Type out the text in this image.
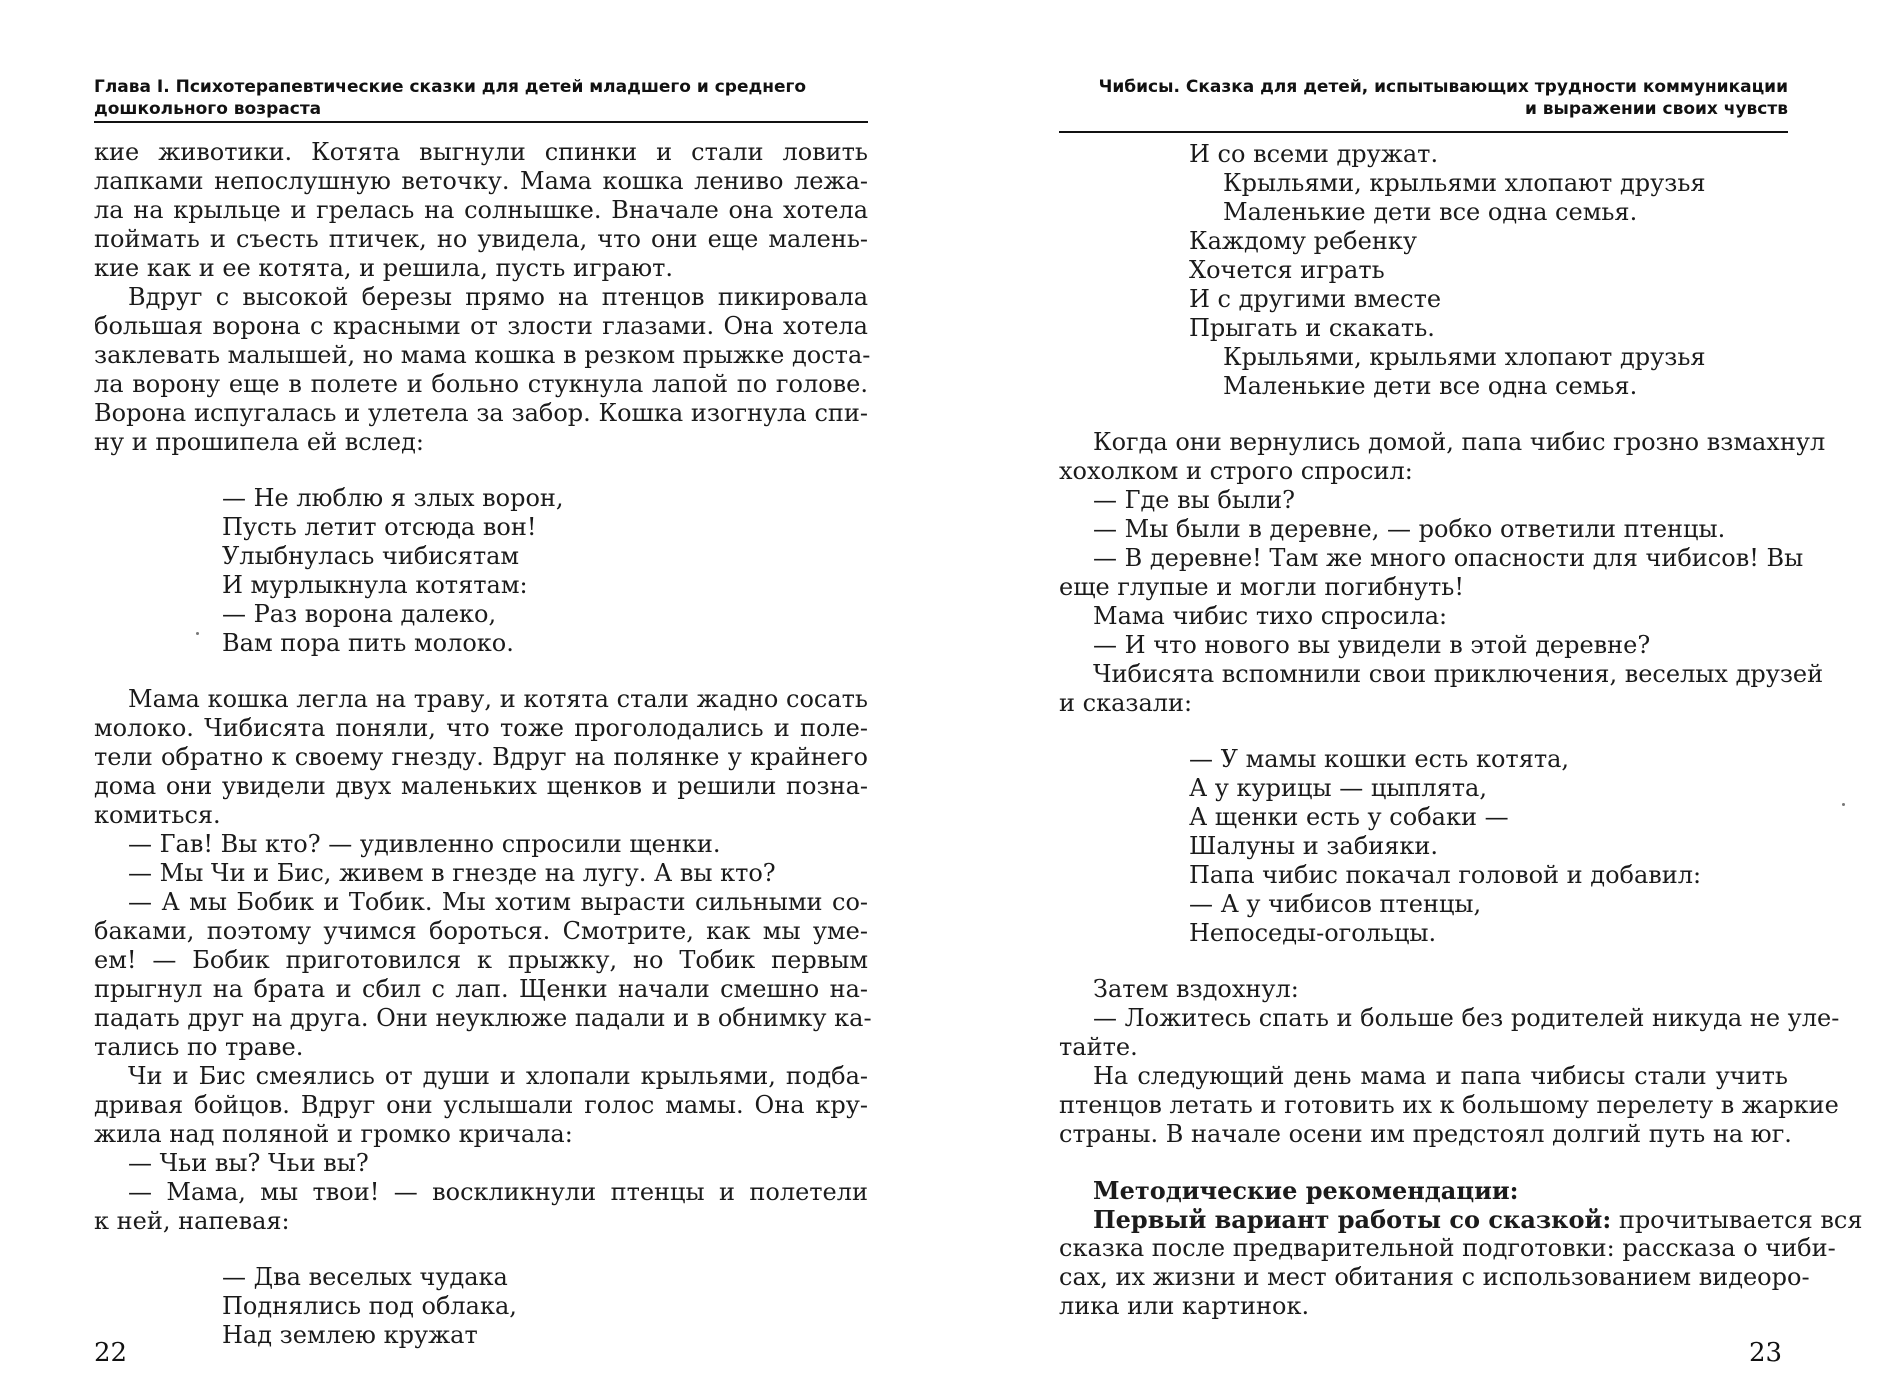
Глава I. Психотерапевтические сказки для детей младшего и среднего
дошкольного возраста
кие животики. Котята выгнули спинки и стали ловить
лапками непослушную веточку. Мама кошка лениво лежа-
ла на крыльце и грелась на солнышке. Вначале она хотела
поймать и съесть птичек, но увидела, что они еще малень-
кие как и ее котята, и решила, пусть играют.
Вдруг с высокой березы прямо на птенцов пикировала
большая ворона с красными от злости глазами. Она хотела
заклевать малышей, но мама кошка в резком прыжке доста-
ла ворону еще в полете и больно стукнула лапой по голове.
Ворона испугалась и улетела за забор. Кошка изогнула спи-
ну и прошипела ей вслед:
— Не люблю я злых ворон,
Пусть летит отсюда вон!
Улыбнулась чибисятам
И мурлыкнула котятам:
— Раз ворона далеко,
Вам пора пить молоко.
Мама кошка легла на траву, и котята стали жадно сосать
молоко. Чибисята поняли, что тоже проголодались и поле-
тели обратно к своему гнезду. Вдруг на полянке у крайнего
дома они увидели двух маленьких щенков и решили позна-
комиться.
— Гав! Вы кто? — удивленно спросили щенки.
— Мы Чи и Бис, живем в гнезде на лугу. А вы кто?
— А мы Бобик и Тобик. Мы хотим вырасти сильными со-
баками, поэтому учимся бороться. Смотрите, как мы уме-
ем! — Бобик приготовился к прыжку, но Тобик первым
прыгнул на брата и сбил с лап. Щенки начали смешно на-
падать друг на друга. Они неуклюже падали и в обнимку ка-
тались по траве.
Чи и Бис смеялись от души и хлопали крыльями, подба-
дривая бойцов. Вдруг они услышали голос мамы. Она кру-
жила над поляной и громко кричала:
— Чьи вы? Чьи вы?
— Мама, мы твои! — воскликнули птенцы и полетели
к ней, напевая:
— Два веселых чудака
Поднялись под облака,
Над землею кружат
22
Чибисы. Сказка для детей, испытывающих трудности коммуникации
и выражении своих чувств
И со всеми дружат.
Крыльями, крыльями хлопают друзья
Маленькие дети все одна семья.
Каждому ребенку
Хочется играть
И с другими вместе
Прыгать и скакать.
Крыльями, крыльями хлопают друзья
Маленькие дети все одна семья.
Когда они вернулись домой, папа чибис грозно взмахнул
хохолком и строго спросил:
— Где вы были?
— Мы были в деревне, — робко ответили птенцы.
— В деревне! Там же много опасности для чибисов! Вы
еще глупые и могли погибнуть!
Мама чибис тихо спросила:
— И что нового вы увидели в этой деревне?
Чибисята вспомнили свои приключения, веселых друзей
и сказали:
— У мамы кошки есть котята,
А у курицы — цыплята,
А щенки есть у собаки —
Шалуны и забияки.
Папа чибис покачал головой и добавил:
— А у чибисов птенцы,
Непоседы-огольцы.
Затем вздохнул:
— Ложитесь спать и больше без родителей никуда не уле-
тайте.
На следующий день мама и папа чибисы стали учить
птенцов летать и готовить их к большому перелету в жаркие
страны. В начале осени им предстоял долгий путь на юг.
Методические рекомендации:
Первый вариант работы со сказкой: прочитывается вся
сказка после предварительной подготовки: рассказа о чиби-
сах, их жизни и мест обитания с использованием видеоро-
лика или картинок.
23
